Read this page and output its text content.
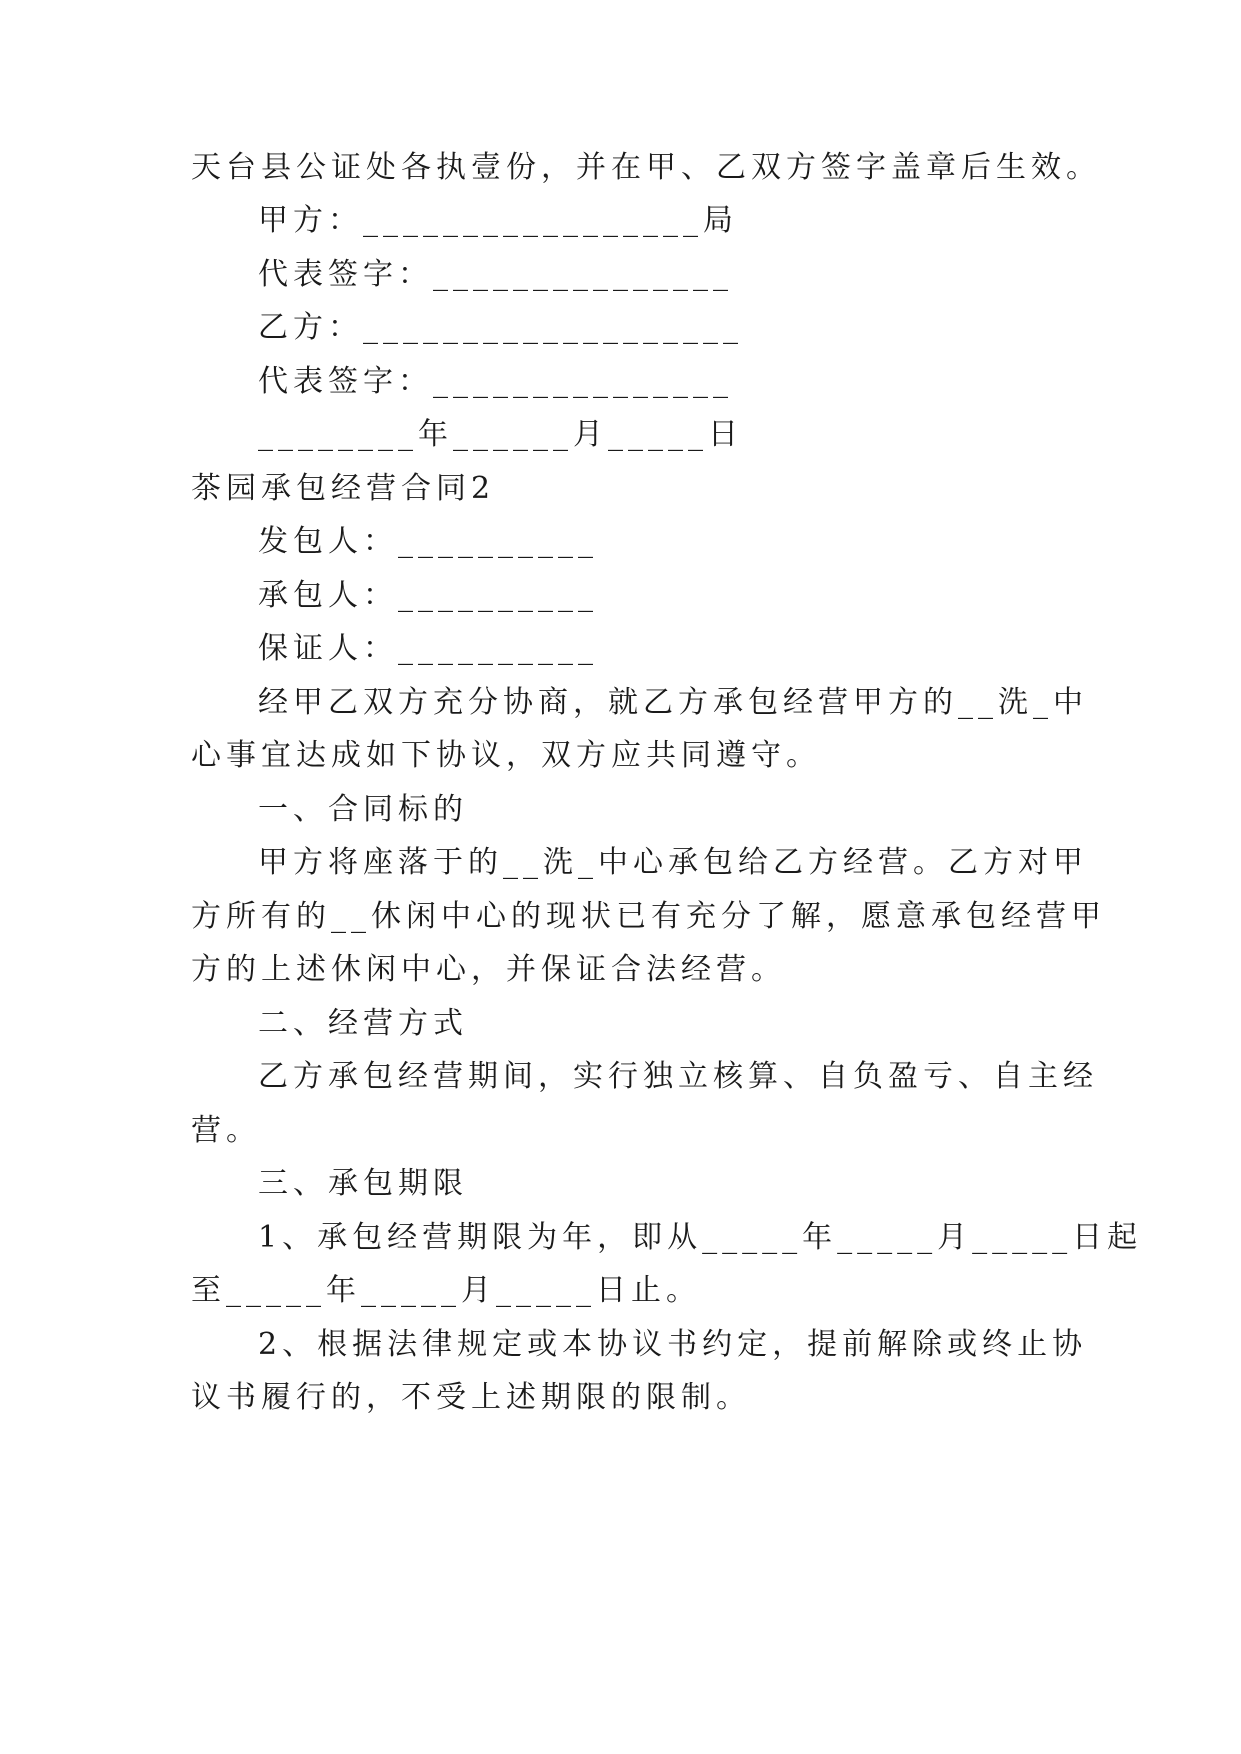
天台县公证处各执壹份，并在甲、乙双方签字盖章后生效。
甲方：_________________局
代表签字：_______________
乙方：___________________
代表签字：_______________
________年______月_____日
茶园承包经营合同2
发包人：__________
承包人：__________
保证人：__________
经甲乙双方充分协商，就乙方承包经营甲方的__洗_中
心事宜达成如下协议，双方应共同遵守。
一、合同标的
甲方将座落于的__洗_中心承包给乙方经营。乙方对甲
方所有的__休闲中心的现状已有充分了解，愿意承包经营甲
方的上述休闲中心，并保证合法经营。
二、经营方式
乙方承包经营期间，实行独立核算、自负盈亏、自主经
营。
三、承包期限
1、承包经营期限为年，即从_____年_____月_____日起
至_____年_____月_____日止。
2、根据法律规定或本协议书约定，提前解除或终止协
议书履行的，不受上述期限的限制。
